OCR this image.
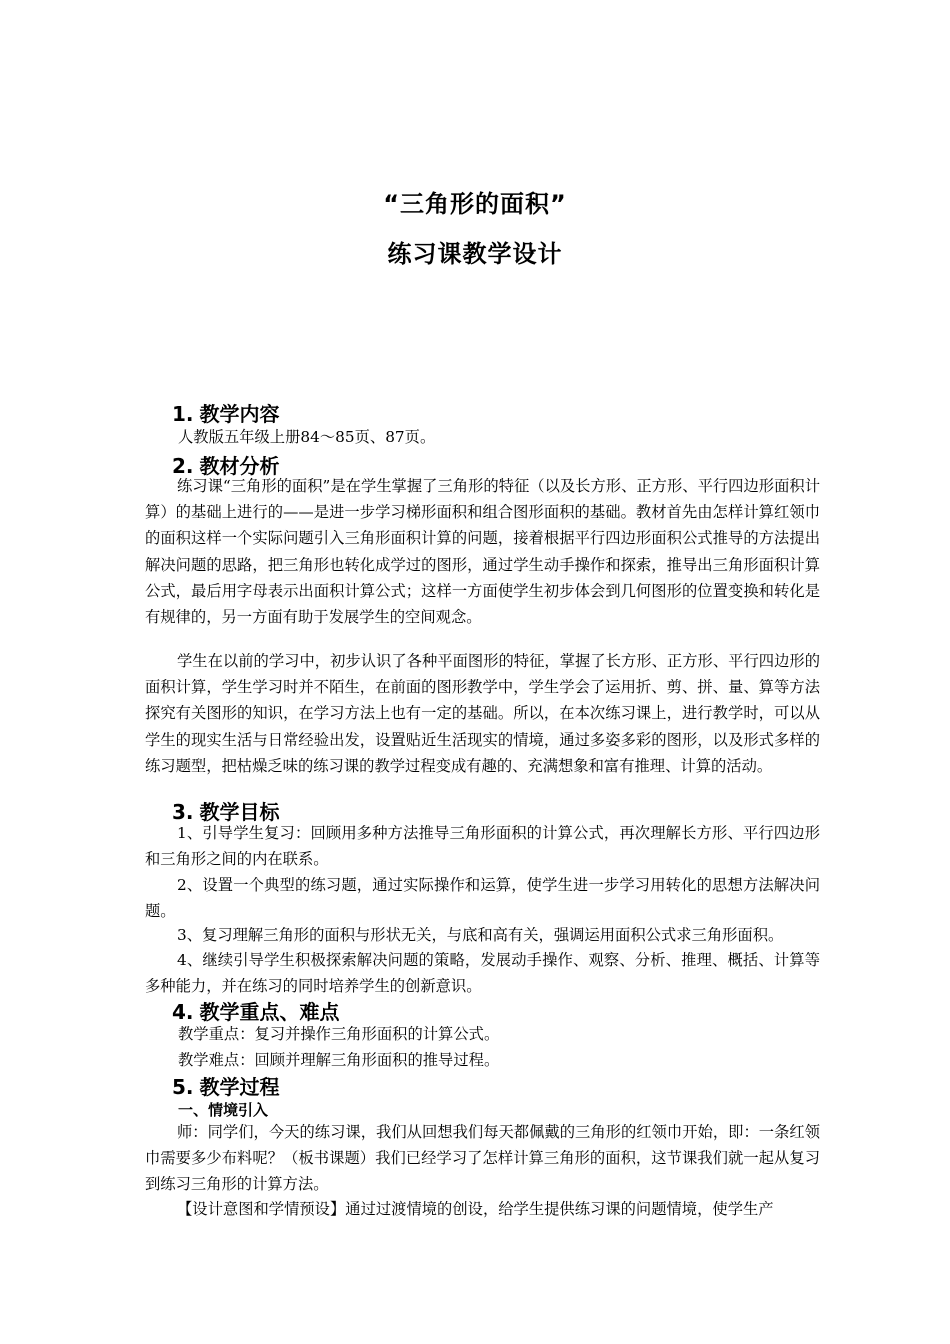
“三角形的面积”
练习课教学设计
1. 教学内容

人教版五年级上册84～85页、87页。

2. 教材分析

练习课“三角形的面积”是在学生掌握了三角形的特征（以及长方形、正方形、平行四边形面积计算）的基础上进行的——是进一步学习梯形面积和组合图形面积的基础。教材首先由怎样计算红领巾的面积这样一个实际问题引入三角形面积计算的问题，接着根据平行四边形面积公式推导的方法提出解决问题的思路，把三角形也转化成学过的图形，通过学生动手操作和探索，推导出三角形面积计算公式，最后用字母表示出面积计算公式；这样一方面使学生初步体会到几何图形的位置变换和转化是有规律的，另一方面有助于发展学生的空间观念。

学生在以前的学习中，初步认识了各种平面图形的特征，掌握了长方形、正方形、平行四边形的面积计算，学生学习时并不陌生，在前面的图形教学中，学生学会了运用折、剪、拼、量、算等方法探究有关图形的知识，在学习方法上也有一定的基础。所以，在本次练习课上，进行教学时，可以从学生的现实生活与日常经验出发，设置贴近生活现实的情境，通过多姿多彩的图形，以及形式多样的练习题型，把枯燥乏味的练习课的教学过程变成有趣的、充满想象和富有推理、计算的活动。

3. 教学目标

1、引导学生复习：回顾用多种方法推导三角形面积的计算公式，再次理解长方形、平行四边形和三角形之间的内在联系。

2、设置一个典型的练习题，通过实际操作和运算，使学生进一步学习用转化的思想方法解决问题。

3、复习理解三角形的面积与形状无关，与底和高有关，强调运用面积公式求三角形面积。

4、继续引导学生积极探索解决问题的策略，发展动手操作、观察、分析、推理、概括、计算等多种能力，并在练习的同时培养学生的创新意识。

4. 教学重点、难点

教学重点：复习并操作三角形面积的计算公式。

教学难点：回顾并理解三角形面积的推导过程。

5. 教学过程
一、情境引入

师：同学们，今天的练习课，我们从回想我们每天都佩戴的三角形的红领巾开始，即：一条红领巾需要多少布料呢？（板书课题）我们已经学习了怎样计算三角形的面积，这节课我们就一起从复习到练习三角形的计算方法。

【设计意图和学情预设】通过过渡情境的创设，给学生提供练习课的问题情境，使学生产
